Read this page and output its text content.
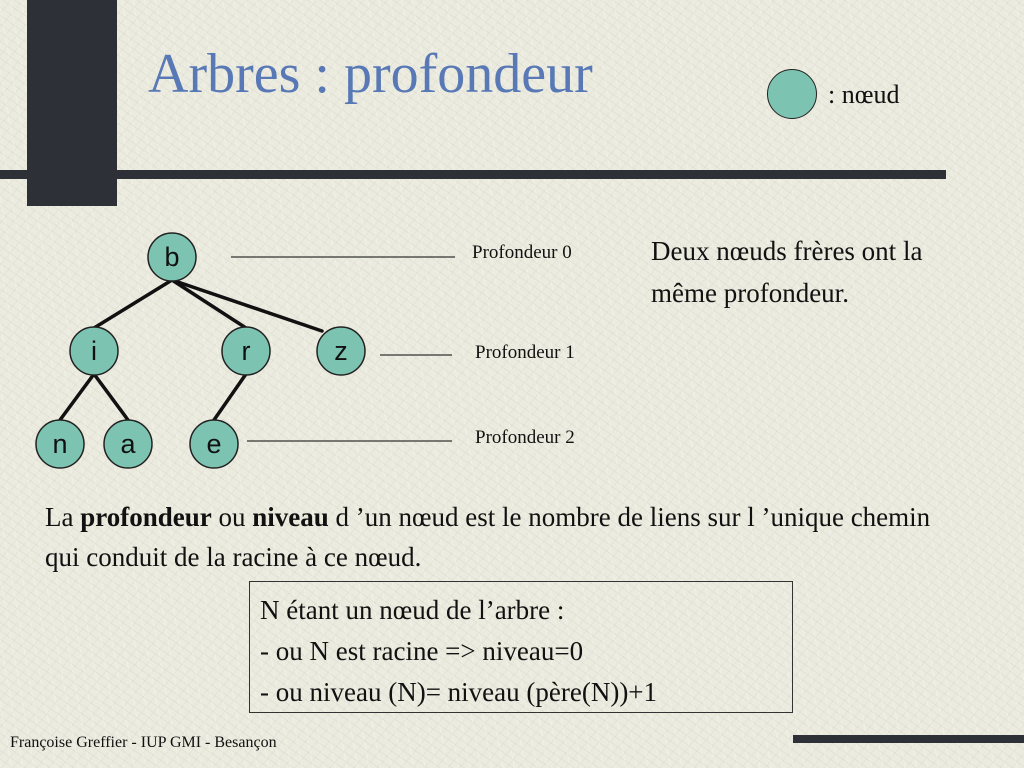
Arbres : profondeur	: nœud
b
i	r	z
n a	e
Profondeur 0
Profondeur 1
Profondeur 2
Deux nœuds frères ont la même profondeur.
La profondeur ou niveau d ’un nœud est le nombre de liens sur l ’unique chemin qui conduit de la racine à ce nœud.
N étant un nœud de l’arbre :
- ou N est racine => niveau=0
- ou niveau (N)= niveau (père(N))+1
Françoise Greffier - IUP GMI - Besançon
